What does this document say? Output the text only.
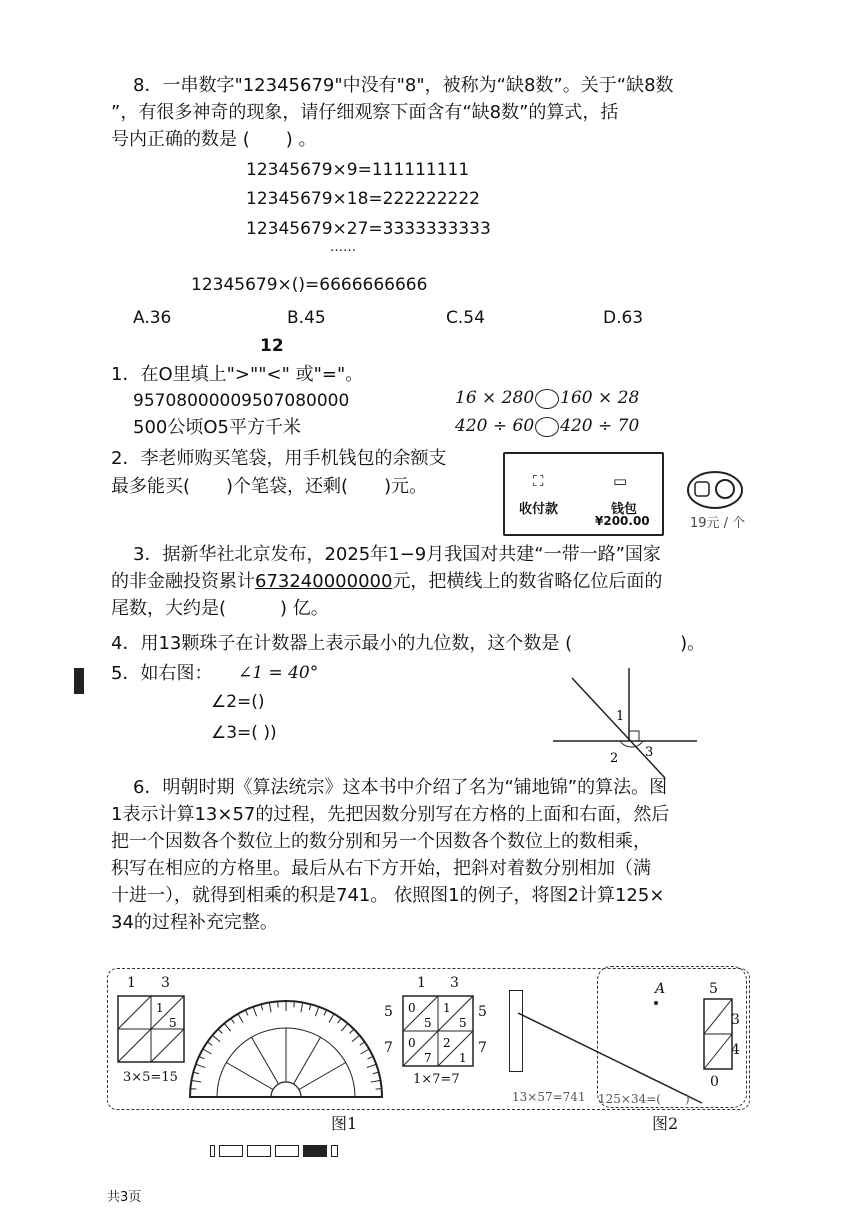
8．一串数字"12345679"中没有"8"，被称为“缺8数”。关于“缺8数
”，有很多神奇的现象，请仔细观察下面含有“缺8数”的算式，括
号内正确的数是 (　　) 。
12345679×9=111111111
12345679×18=222222222
12345679×27=3333333333
……
12345679×()=6666666666
A.36	B.45	C.54	D.63
12
1．在O里填上">""<" 或"="。
95708000009507080000	16 × 280 160 × 28
500公顷O5平方千米	420 ÷ 60 420 ÷ 70
2．李老师购买笔袋，用手机钱包的余额支
最多能买(　　)个笔袋，还剩(　　)元。	⛶
收付款
▭
钱包
¥200.00	19元 / 个
3．据新华社北京发布，2025年1−9月我国对共建“一带一路”国家
的非金融投资累计673240000000元，把横线上的数省略亿位后面的
尾数，大约是(　　　) 亿。
4．用13颗珠子在计数器上表示最小的九位数，这个数是 (　　　　　　)。
5．如右图： ∠1 = 40°
∠2=()
∠3=( ))
1
2 3
6．明朝时期《算法统宗》这本书中介绍了名为“铺地锦”的算法。图
1表示计算13×57的过程，先把因数分别写在方格的上面和右面，然后
把一个因数各个数位上的数分别和另一个因数各个数位上的数相乘，
积写在相应的方格里。最后从右下方开始，把斜对着数分别相加（满
十进一），就得到相乘的积是741。 依照图1的例子，将图2计算125×
34的过程补充完整。
1 3
1
5
3×5=15
1 3
5
7
0
5
1
5
0
7
2
1
5
7
1×7=7
A	5
3
4
0
13×57=741 125×34=(　　)
图1	图2
共3页
